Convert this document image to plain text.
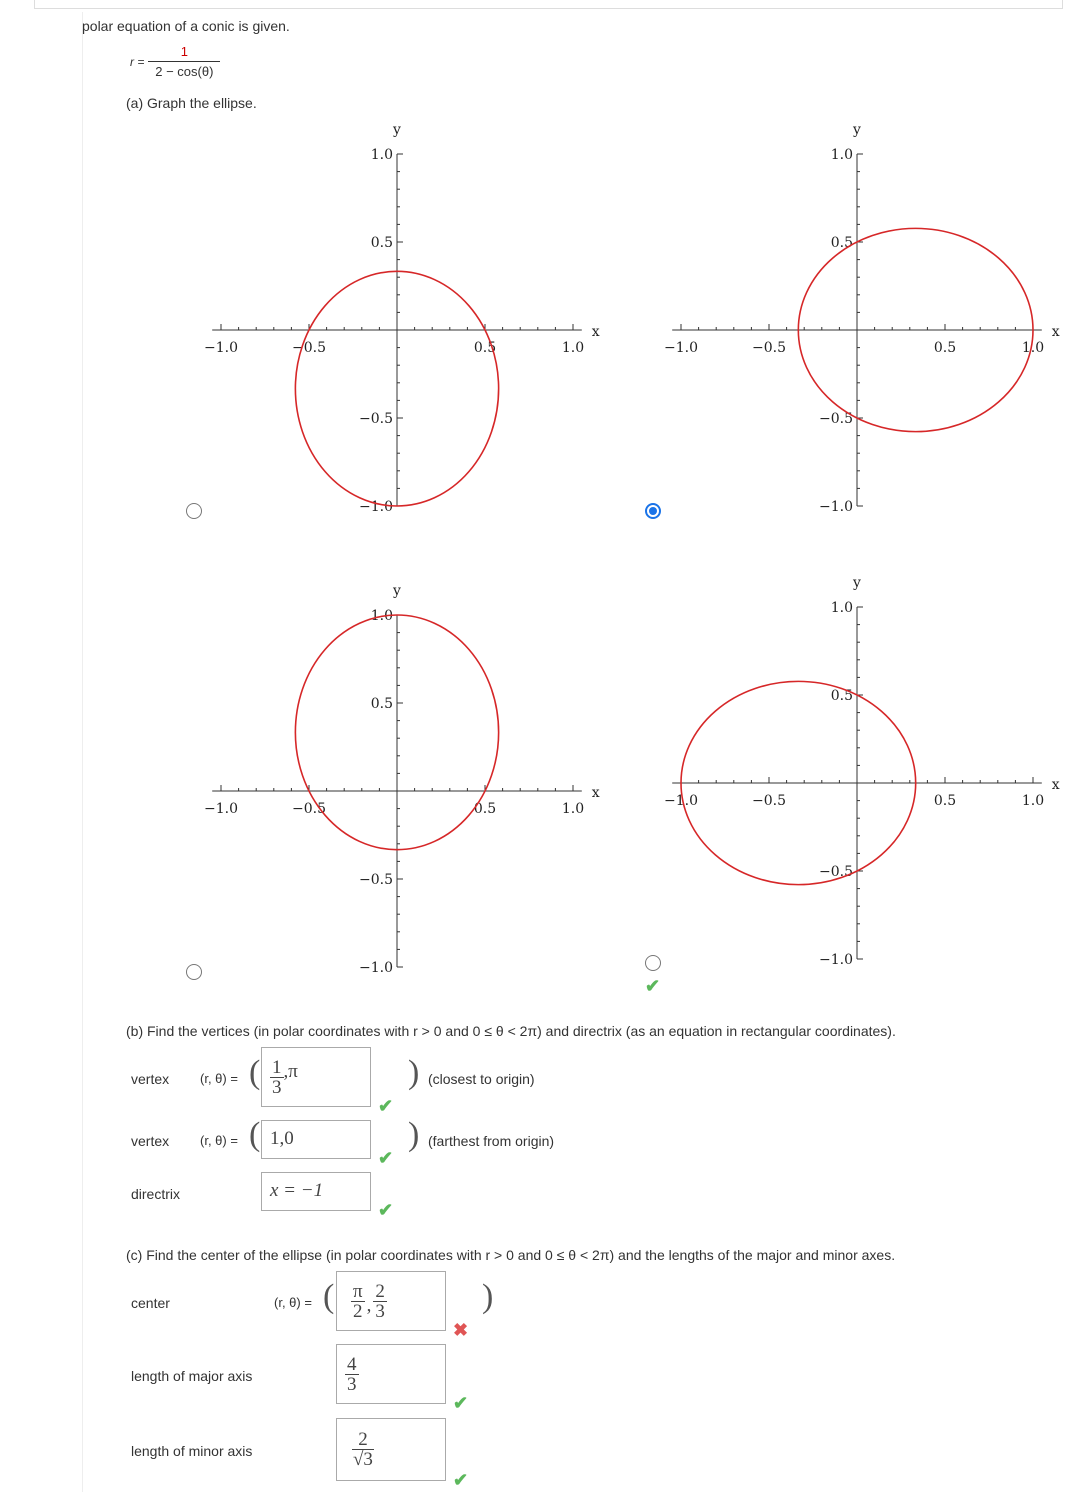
polar equation of a conic is given.
$r = \frac{1}{2 - \cos(\theta)}$
(a) Graph the ellipse.
−1.0	−0.5	0.5	1.0
1.0
0.5
−0.5
−1.0
x
y
−1.0	−0.5	0.5	1.0
1.0
0.5
−0.5
−1.0
x
y
−1.0	−0.5	0.5	1.0
1.0
0.5
−0.5
−1.0
x
y
−1.0	−0.5	0.5	1.0
1.0
0.5
−0.5
−1.0
x
y
✔
(b) Find the vertices (in polar coordinates with r > 0 and 0 ≤ θ < 2π) and directrix (as an equation in rectangular coordinates).
vertex (r, θ) = ( $\frac{1}{3} ,\pi$	) (closest to origin)
✔
vertex (r, θ) = ( 1,0	) (farthest from origin)
✔
directrix	x = −1
✔
(c) Find the center of the ellipse (in polar coordinates with r > 0 and 0 ≤ θ < 2π) and the lengths of the major and minor axes.
center	(r, θ) = ( $\frac{\pi}{2}$ , $\frac{2}{3}$	)
✖
length of major axis	$\frac{4}{3}$
✔
length of minor axis	$\frac{2}{√3}$
✔
